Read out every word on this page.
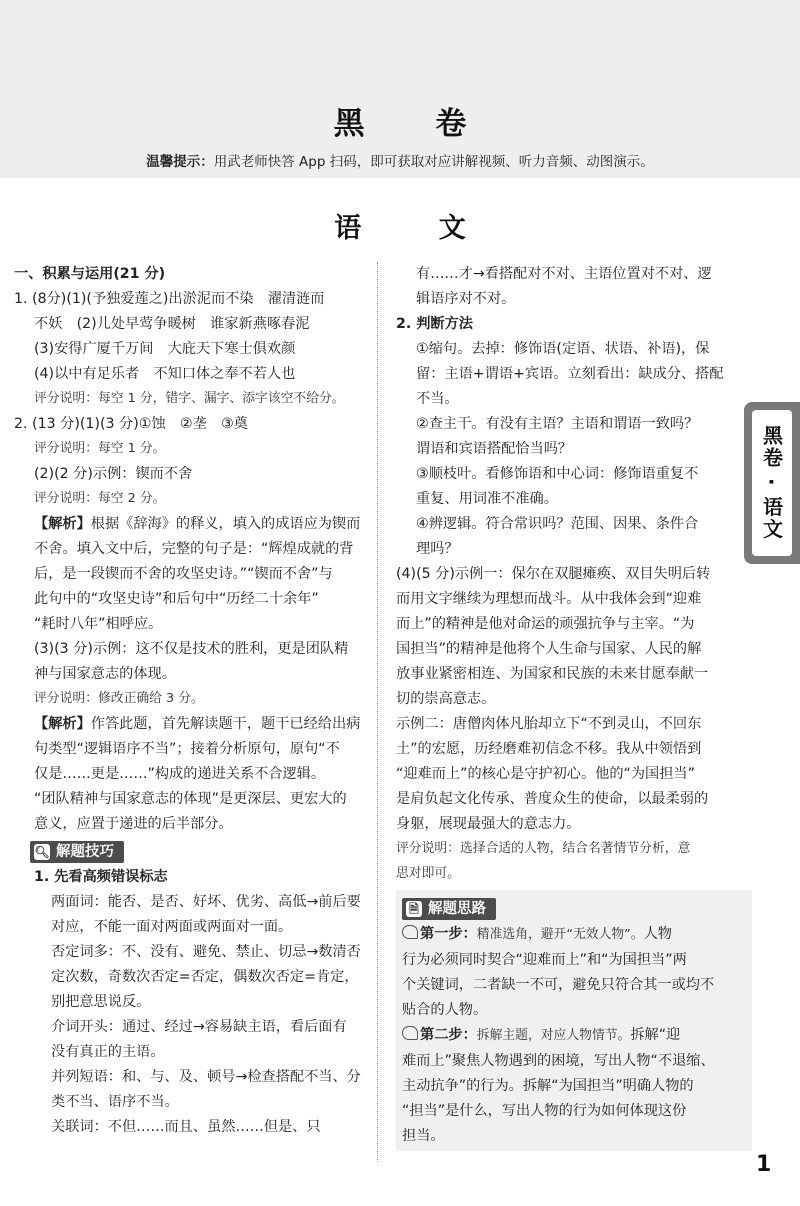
黑 卷
温馨提示：用武老师快答 App 扫码，即可获取对应讲解视频、听力音频、动图演示。
语 文

一、积累与运用(21 分)

1. (8分)(1)(予独爱莲之)出淤泥而不染　濯清涟而

不妖　(2)儿处早莺争暖树　谁家新燕啄春泥

(3)安得广厦千万间　大庇天下寒士俱欢颜

(4)以中有足乐者　不知口体之奉不若人也

评分说明：每空 1 分，错字、漏字、添字该空不给分。

2. (13 分)(1)(3 分)①蚀　②垄　③奠

评分说明：每空 1 分。

(2)(2 分)示例：锲而不舍

评分说明：每空 2 分。

【解析】根据《辞海》的释义，填入的成语应为锲而

不舍。填入文中后，完整的句子是：“辉煌成就的背

后，是一段锲而不舍的攻坚史诗。”“锲而不舍”与

此句中的“攻坚史诗”和后句中“历经二十余年”

“耗时八年”相呼应。

(3)(3 分)示例：这不仅是技术的胜利，更是团队精

神与国家意志的体现。

评分说明：修改正确给 3 分。

【解析】作答此题，首先解读题干，题干已经给出病

句类型“逻辑语序不当”；接着分析原句，原句“不

仅是……更是……”构成的递进关系不合逻辑。

“团队精神与国家意志的体现”是更深层、更宏大的

意义，应置于递进的后半部分。

🔍︎ 解题技巧

1. 先看高频错误标志

两面词：能否、是否、好坏、优劣、高低→前后要

对应，不能一面对两面或两面对一面。

否定词多：不、没有、避免、禁止、切忌→数清否

定次数，奇数次否定=否定，偶数次否定=肯定，

别把意思说反。

介词开头：通过、经过→容易缺主语，看后面有

没有真正的主语。

并列短语：和、与、及、顿号→检查搭配不当、分

类不当、语序不当。

关联词：不但……而且、虽然……但是、只

有……才→看搭配对不对、主语位置对不对、逻

辑语序对不对。

2. 判断方法

①缩句。去掉：修饰语(定语、状语、补语)，保

留：主语+谓语+宾语。立刻看出：缺成分、搭配

不当。

②查主干。有没有主语？主语和谓语一致吗？

谓语和宾语搭配恰当吗？

③顺枝叶。看修饰语和中心词：修饰语重复不

重复、用词准不准确。

④辨逻辑。符合常识吗？范围、因果、条件合

理吗？

(4)(5 分)示例一：保尔在双腿瘫痪、双目失明后转

而用文字继续为理想而战斗。从中我体会到“迎难

而上”的精神是他对命运的顽强抗争与主宰。“为

国担当”的精神是他将个人生命与国家、人民的解

放事业紧密相连、为国家和民族的未来甘愿奉献一

切的崇高意志。

示例二：唐僧肉体凡胎却立下“不到灵山，不回东

土”的宏愿，历经磨难初信念不移。我从中领悟到

“迎难而上”的核心是守护初心。他的“为国担当”

是肩负起文化传承、普度众生的使命，以最柔弱的

身躯，展现最强大的意志力。

评分说明：选择合适的人物，结合名著情节分析，意

思对即可。

🗎︎ 解题思路

第一步：精准选角，避开“无效人物”。人物

行为必须同时契合“迎难而上”和“为国担当”两

个关键词，二者缺一不可，避免只符合其一或均不

贴合的人物。

第二步：拆解主题，对应人物情节。拆解“迎

难而上”聚焦人物遇到的困境，写出人物“不退缩、

主动抗争”的行为。拆解“为国担当”明确人物的

“担当”是什么，写出人物的行为如何体现这份

担当。

黑卷 · 语文
1
